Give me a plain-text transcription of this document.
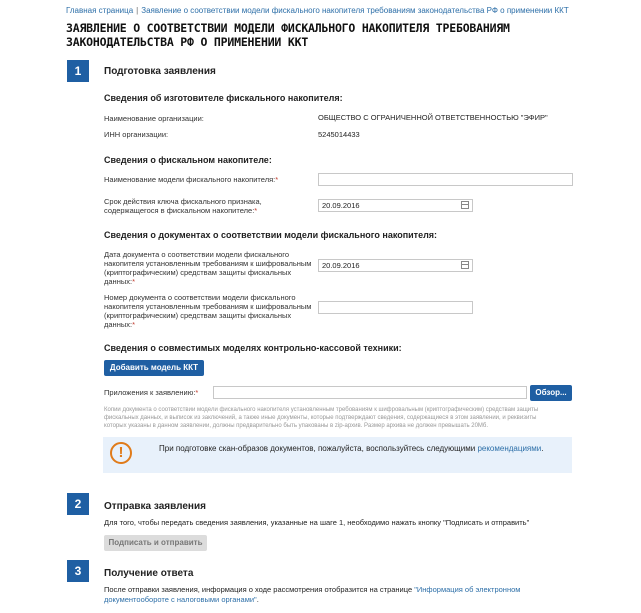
Главная страница | Заявление о соответствии модели фискального накопителя требованиям законодательства РФ о применении ККТ
ЗАЯВЛЕНИЕ О СООТВЕТСТВИИ МОДЕЛИ ФИСКАЛЬНОГО НАКОПИТЕЛЯ ТРЕБОВАНИЯМ ЗАКОНОДАТЕЛЬСТВА РФ О ПРИМЕНЕНИИ ККТ
1	Подготовка заявления
Сведения об изготовителе фискального накопителя:
Наименование организации:	ОБЩЕСТВО С ОГРАНИЧЕННОЙ ОТВЕТСТВЕННОСТЬЮ "ЭФИР"
ИНН организации:	5245014433
Сведения о фискальном накопителе:
Наименование модели фискального накопителя:*
Срок действия ключа фискального признака,
содержащегося в фискальном накопителе:*
20.09.2016
Сведения о документах о соответствии модели фискального накопителя:
Дата документа о соответствии модели фискального
накопителя установленным требованиям к шифровальным
(криптографическим) средствам защиты фискальных
данных:*
20.09.2016
Номер документа о соответствии модели фискального
накопителя установленным требованиям к шифровальным
(криптографическим) средствам защиты фискальных
данных:*
Сведения о совместимых моделях контрольно-кассовой техники:
Добавить модель ККТ
Приложения к заявлению:*	Обзор...
Копии документа о соответствии модели фискального накопителя установленным требованиям к шифровальным (криптографическим) средствам защиты
фискальных данных, и выписок из заключений, а также иные документы, которые подтверждают сведения, содержащиеся в этом заявлении, и реквизиты
которых указаны в данном заявлении, должны предварительно быть упакованы в zip-архив. Размер архива не должен превышать 20Мб.
!	При подготовке скан-образов документов, пожалуйста, воспользуйтесь следующими рекомендациями.
2	Отправка заявления
Для того, чтобы передать сведения заявления, указанные на шаге 1, необходимо нажать кнопку "Подписать и отправить"
Подписать и отправить
3	Получение ответа
После отправки заявления, информация о ходе рассмотрения отобразится на странице "Информация об электронном
документообороте с налоговыми органами".
